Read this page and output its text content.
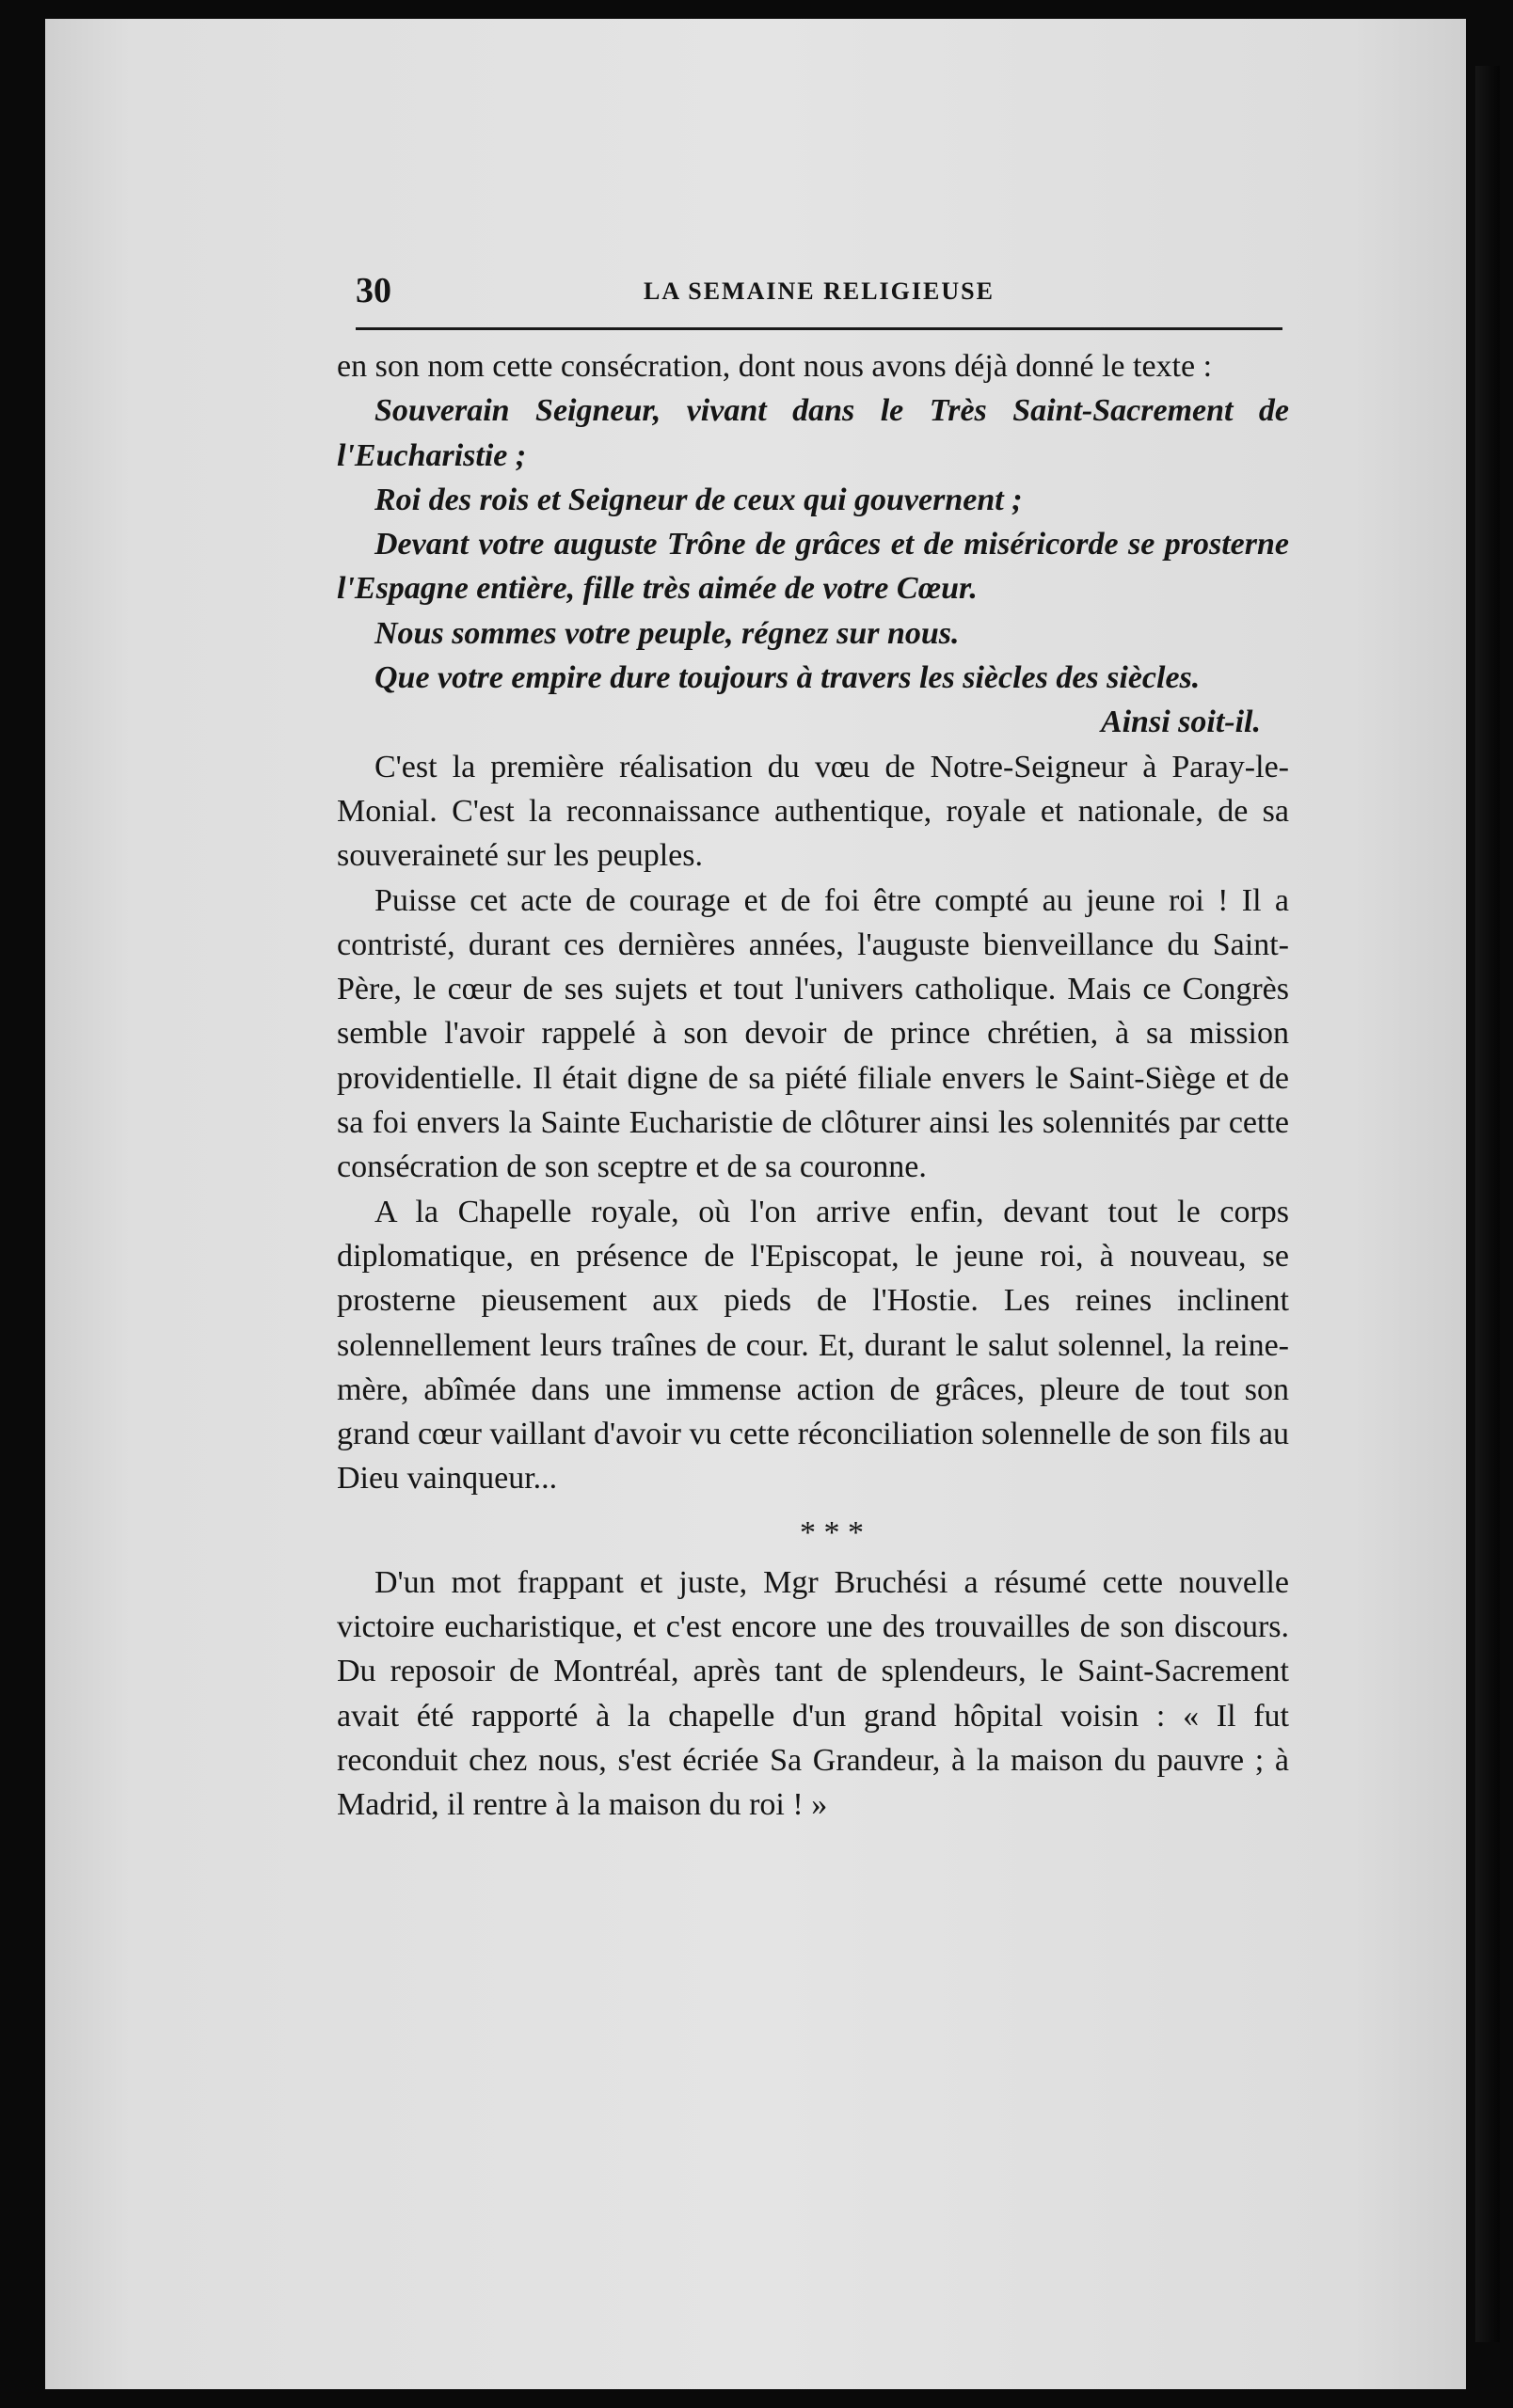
30	LA SEMAINE RELIGIEUSE

en son nom cette consécration, dont nous avons déjà donné le texte :

Souverain Seigneur, vivant dans le Très Saint-Sacrement de l'Eucharistie ;

Roi des rois et Seigneur de ceux qui gouvernent ;

Devant votre auguste Trône de grâces et de miséricorde se prosterne l'Espagne entière, fille très aimée de votre Cœur.

Nous sommes votre peuple, régnez sur nous.

Que votre empire dure toujours à travers les siècles des siècles.

Ainsi soit-il.

C'est la première réalisation du vœu de Notre-Seigneur à Paray-le-Monial. C'est la reconnaissance authentique, royale et nationale, de sa souveraineté sur les peuples.

Puisse cet acte de courage et de foi être compté au jeune roi ! Il a contristé, durant ces dernières années, l'auguste bienveillance du Saint-Père, le cœur de ses sujets et tout l'univers catholique. Mais ce Congrès semble l'avoir rappelé à son devoir de prince chrétien, à sa mission providentielle. Il était digne de sa piété filiale envers le Saint-Siège et de sa foi envers la Sainte Eucharistie de clôturer ainsi les solennités par cette consécration de son sceptre et de sa couronne.

A la Chapelle royale, où l'on arrive enfin, devant tout le corps diplomatique, en présence de l'Episcopat, le jeune roi, à nouveau, se prosterne pieusement aux pieds de l'Hostie. Les reines inclinent solennellement leurs traînes de cour. Et, durant le salut solennel, la reine-mère, abîmée dans une immense action de grâces, pleure de tout son grand cœur vaillant d'avoir vu cette réconciliation solennelle de son fils au Dieu vainqueur...

* * *

D'un mot frappant et juste, Mgr Bruchési a résumé cette nouvelle victoire eucharistique, et c'est encore une des trouvailles de son discours. Du reposoir de Montréal, après tant de splendeurs, le Saint-Sacrement avait été rapporté à la chapelle d'un grand hôpital voisin : « Il fut reconduit chez nous, s'est écriée Sa Grandeur, à la maison du pauvre ; à Madrid, il rentre à la maison du roi ! »
